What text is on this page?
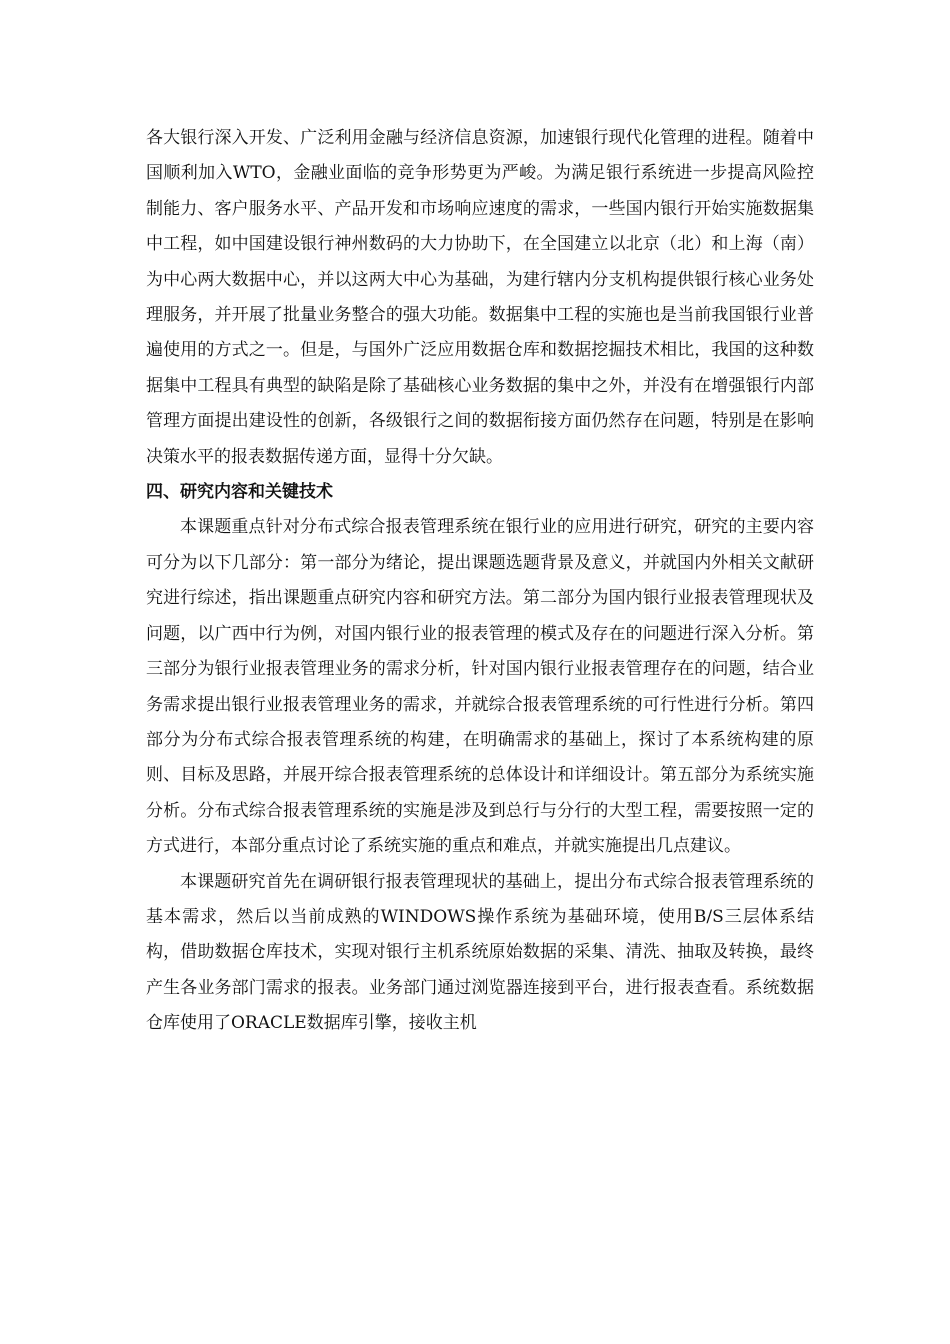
各大银行深入开发、广泛利用金融与经济信息资源，加速银行现代化管理的进程。随着中国顺利加入WTO，金融业面临的竞争形势更为严峻。为满足银行系统进一步提高风险控制能力、客户服务水平、产品开发和市场响应速度的需求，一些国内银行开始实施数据集中工程，如中国建设银行神州数码的大力协助下，在全国建立以北京（北）和上海（南）为中心两大数据中心，并以这两大中心为基础，为建行辖内分支机构提供银行核心业务处理服务，并开展了批量业务整合的强大功能。数据集中工程的实施也是当前我国银行业普遍使用的方式之一。但是，与国外广泛应用数据仓库和数据挖掘技术相比，我国的这种数据集中工程具有典型的缺陷是除了基础核心业务数据的集中之外，并没有在增强银行内部管理方面提出建设性的创新，各级银行之间的数据衔接方面仍然存在问题，特别是在影响决策水平的报表数据传递方面，显得十分欠缺。

四、研究内容和关键技术

本课题重点针对分布式综合报表管理系统在银行业的应用进行研究，研究的主要内容可分为以下几部分：第一部分为绪论，提出课题选题背景及意义，并就国内外相关文献研究进行综述，指出课题重点研究内容和研究方法。第二部分为国内银行业报表管理现状及问题，以广西中行为例，对国内银行业的报表管理的模式及存在的问题进行深入分析。第三部分为银行业报表管理业务的需求分析，针对国内银行业报表管理存在的问题，结合业务需求提出银行业报表管理业务的需求，并就综合报表管理系统的可行性进行分析。第四部分为分布式综合报表管理系统的构建，在明确需求的基础上，探讨了本系统构建的原则、目标及思路，并展开综合报表管理系统的总体设计和详细设计。第五部分为系统实施分析。分布式综合报表管理系统的实施是涉及到总行与分行的大型工程，需要按照一定的方式进行，本部分重点讨论了系统实施的重点和难点，并就实施提出几点建议。

本课题研究首先在调研银行报表管理现状的基础上，提出分布式综合报表管理系统的基本需求，然后以当前成熟的WINDOWS操作系统为基础环境，使用B/S三层体系结构，借助数据仓库技术，实现对银行主机系统原始数据的采集、清洗、抽取及转换，最终产生各业务部门需求的报表。业务部门通过浏览器连接到平台，进行报表查看。系统数据仓库使用了ORACLE数据库引擎，接收主机
